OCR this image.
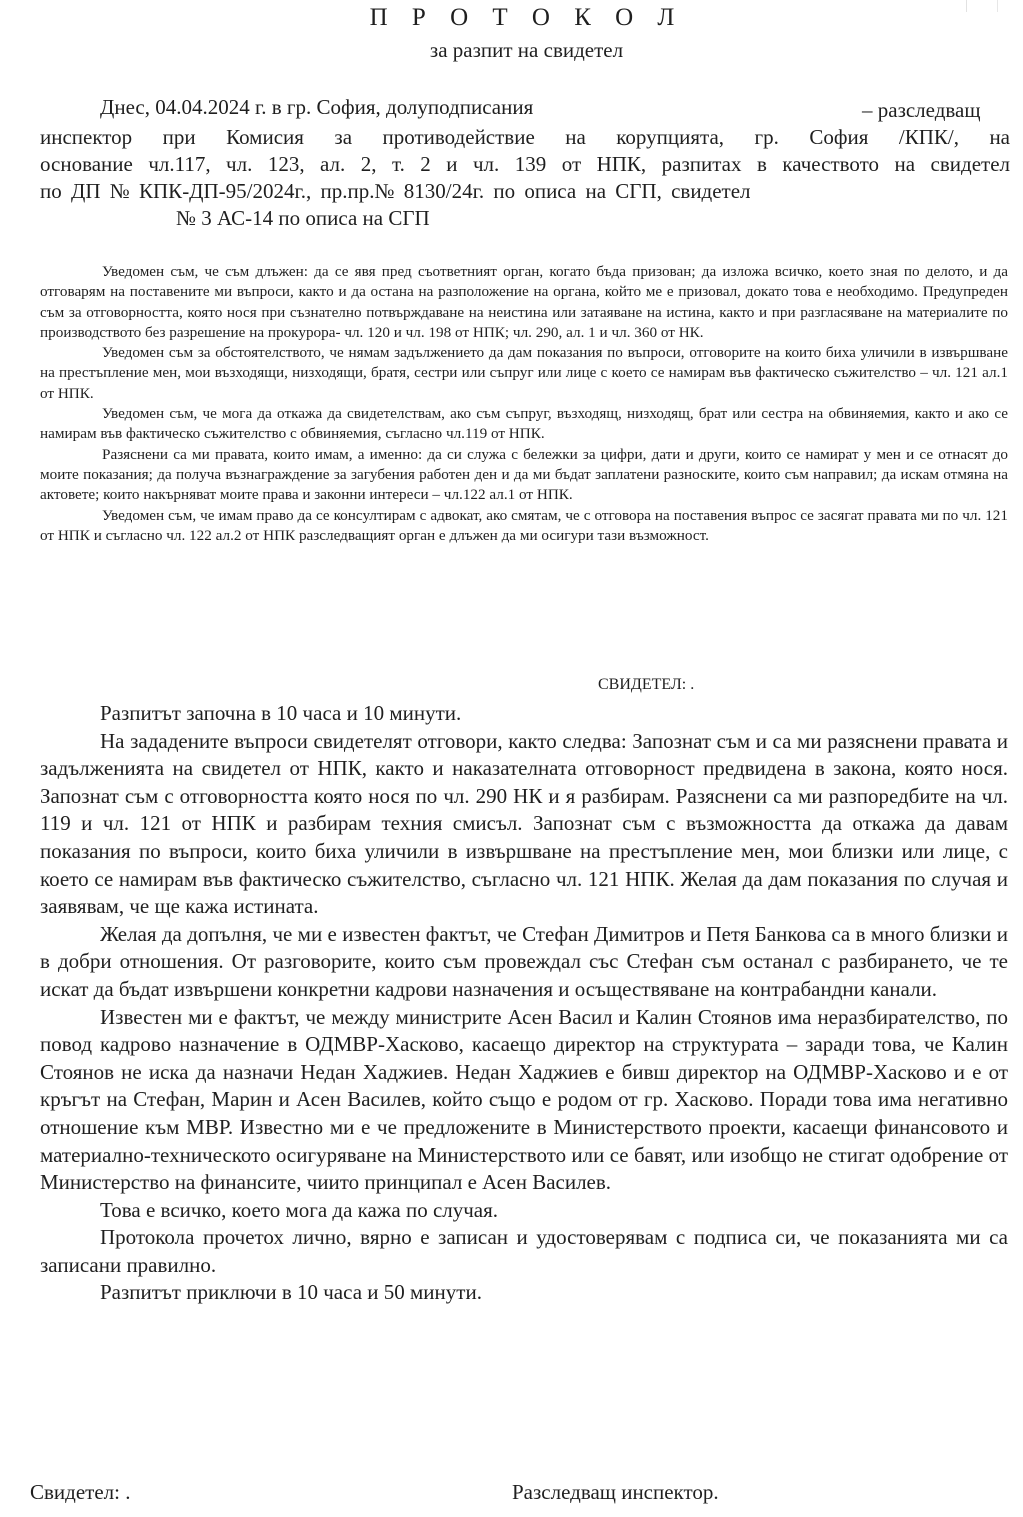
П Р О Т О К О Л
за разпит на свидетел
Днес, 04.04.2024 г. в гр. София, долуподписания	– разследващ
инспектор при Комисия за противодействие на корупцията, гр. София /КПК/, на
основание чл.117, чл. 123, ал. 2, т. 2 и чл. 139 от НПК, разпитах в качеството на свидетел
по ДП № КПК-ДП-95/2024г., пр.пр.№ 8130/24г. по описа на СГП, свидетел
№ 3 АС-14 по описа на СГП

Уведомен съм, че съм длъжен: да се явя пред съответният орган, когато бъда призован; да изложа всичко, което зная по делото, и да отговарям на поставените ми въпроси, както и да остана на разположение на органа, който ме е призовал, докато това е необходимо. Предупреден съм за отговорността, която нося при съзнателно потвърждаване на неистина или затаяване на истина, както и при разгласяване на материалите по производството без разрешение на прокурора- чл. 120 и чл. 198 от НПК; чл. 290, ал. 1 и чл. 360 от НК.

Уведомен съм за обстоятелството, че нямам задължението да дам показания по въпроси, отговорите на които биха уличили в извършване на престъпление мен, мои възходящи, низходящи, братя, сестри или съпруг или лице с което се намирам във фактическо съжителство – чл. 121 ал.1 от НПК.

Уведомен съм, че мога да откажа да свидетелствам, ако съм съпруг, възходящ, низходящ, брат или сестра на обвиняемия, както и ако се намирам във фактическо съжителство с обвиняемия, съгласно чл.119 от НПК.

Разяснени са ми правата, които имам, а именно: да си служа с бележки за цифри, дати и други, които се намират у мен и се отнасят до моите показания; да получа възнаграждение за загубения работен ден и да ми бъдат заплатени разноските, които съм направил; да искам отмяна на актовете; които накърняват моите права и законни интереси – чл.122 ал.1 от НПК.

Уведомен съм, че имам право да се консултирам с адвокат, ако смятам, че с отговора на поставения въпрос се засягат правата ми по чл. 121 от НПК и съгласно чл. 122 ал.2 от НПК разследващият орган е длъжен да ми осигури тази възможност.

СВИДЕТЕЛ: .

Разпитът започна в 10 часа и 10 минути.

На зададените въпроси свидетелят отговори, както следва: Запознат съм и са ми разяснени правата и задълженията на свидетел от НПК, както и наказателната отговорност предвидена в закона, която нося. Запознат съм с отговорността която нося по чл. 290 НК и я разбирам. Разяснени са ми разпоредбите на чл. 119 и чл. 121 от НПК и разбирам техния смисъл. Запознат съм с възможността да откажа да давам показания по въпроси, които биха уличили в извършване на престъпление мен, мои близки или лице, с което се намирам във фактическо съжителство, съгласно чл. 121 НПК. Желая да дам показания по случая и заявявам, че ще кажа истината.

Желая да допълня, че ми е известен фактът, че Стефан Димитров и Петя Банкова са в много близки и в добри отношения. От разговорите, които съм провеждал със Стефан съм останал с разбирането, че те искат да бъдат извършени конкретни кадрови назначения и осъществяване на контрабандни канали.

Известен ми е фактът, че между министрите Асен Васил и Калин Стоянов има неразбирателство, по повод кадрово назначение в ОДМВР-Хасково, касаещо директор на структурата – заради това, че Калин Стоянов не иска да назначи Недан Хаджиев. Недан Хаджиев е бивш директор на ОДМВР-Хасково и е от кръгът на Стефан, Марин и Асен Василев, който също е родом от гр. Хасково. Поради това има негативно отношение към МВР. Известно ми е че предложените в Министерството проекти, касаещи финансовото и материално-техническото осигуряване на Министерството или се бавят, или изобщо не стигат одобрение от Министерство на финансите, чиито принципал е Асен Василев.

Това е всичко, което мога да кажа по случая.

Протокола прочетох лично, вярно е записан и удостоверявам с подписа си, че показанията ми са записани правилно.

Разпитът приключи в 10 часа и 50 минути.

Свидетел: .	Разследващ инспектор.
